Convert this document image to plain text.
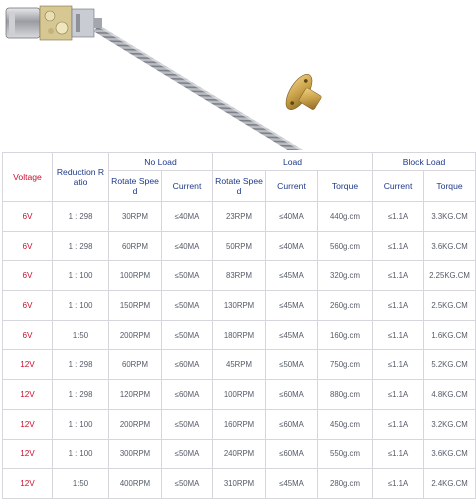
Voltage	Reduction R atio	No Load		Load			Block Load	
		Rotate Spee d	Current	Rotate Spee d	Current	Torque	Current	Torque
6V	1 : 298	30RPM	≤40MA	23RPM	≤40MA	440g.cm	≤1.1A	3.3KG.CM
6V	1 : 298	60RPM	≤40MA	50RPM	≤40MA	560g.cm	≤1.1A	3.6KG.CM
6V	1 : 100	100RPM	≤50MA	83RPM	≤45MA	320g.cm	≤1.1A	2.25KG.CM
6V	1 : 100	150RPM	≤50MA	130RPM	≤45MA	260g.cm	≤1.1A	2.5KG.CM
6V	1:50	200RPM	≤50MA	180RPM	≤45MA	160g.cm	≤1.1A	1.6KG.CM
12V	1 : 298	60RPM	≤60MA	45RPM	≤50MA	750g.cm	≤1.1A	5.2KG.CM
12V	1 : 298	120RPM	≤60MA	100RPM	≤60MA	880g.cm	≤1.1A	4.8KG.CM
12V	1 : 100	200RPM	≤50MA	160RPM	≤60MA	450g.cm	≤1.1A	3.2KG.CM
12V	1 : 100	300RPM	≤50MA	240RPM	≤60MA	550g.cm	≤1.1A	3.6KG.CM
12V	1:50	400RPM	≤50MA	310RPM	≤45MA	280g.cm	≤1.1A	2.4KG.CM
